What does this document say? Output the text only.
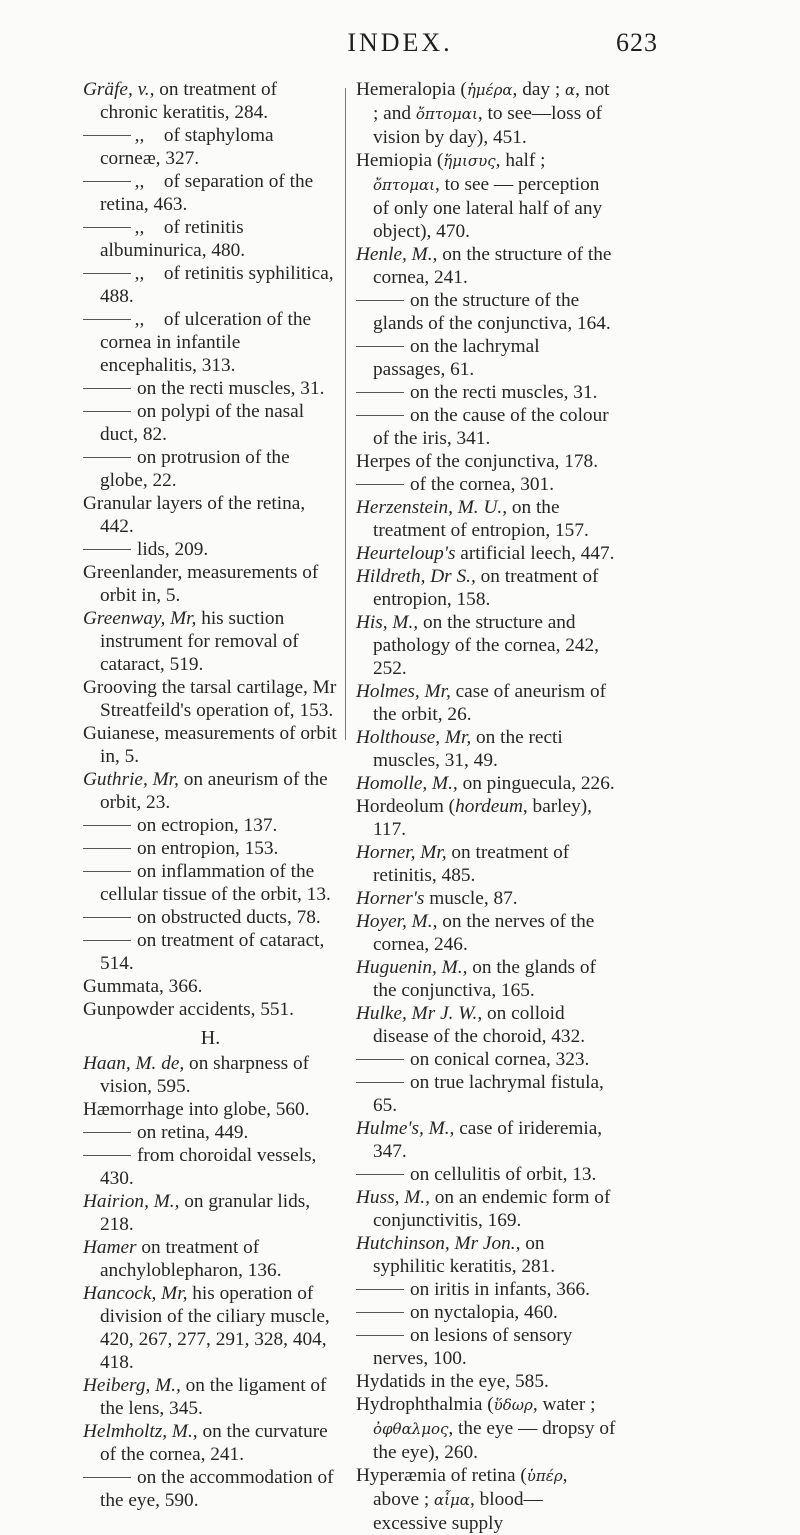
INDEX.	623

Gräfe, v., on treatment of chronic keratitis, 284.

,, of staphyloma corneæ, 327.

,, of separation of the retina, 463.

,, of retinitis albuminurica, 480.

,, of retinitis syphilitica, 488.

,, of ulceration of the cornea in infantile encephalitis, 313.

on the recti muscles, 31.

on polypi of the nasal duct, 82.

on protrusion of the globe, 22.

Granular layers of the retina, 442.

lids, 209.

Greenlander, measurements of orbit in, 5.

Greenway, Mr, his suction instrument for removal of cataract, 519.

Grooving the tarsal cartilage, Mr Streatfeild's operation of, 153.

Guianese, measurements of orbit in, 5.

Guthrie, Mr, on aneurism of the orbit, 23.

on ectropion, 137.

on entropion, 153.

on inflammation of the cellular tissue of the orbit, 13.

on obstructed ducts, 78.

on treatment of cataract, 514.

Gummata, 366.

Gunpowder accidents, 551.

H.

Haan, M. de, on sharpness of vision, 595.

Hæmorrhage into globe, 560.

on retina, 449.

from choroidal vessels, 430.

Hairion, M., on granular lids, 218.

Hamer on treatment of anchyloblepharon, 136.

Hancock, Mr, his operation of division of the ciliary muscle, 420, 267, 277, 291, 328, 404, 418.

Heiberg, M., on the ligament of the lens, 345.

Helmholtz, M., on the curvature of the cornea, 241.

on the accommodation of the eye, 590.

Hemeralopia (ἡμέρα, day ; α, not ; and ὄπτομαι, to see—loss of vision by day), 451.

Hemiopia (ἥμισυς, half ; ὄπτομαι, to see — perception of only one lateral half of any object), 470.

Henle, M., on the structure of the cornea, 241.

on the structure of the glands of the conjunctiva, 164.

on the lachrymal passages, 61.

on the recti muscles, 31.

on the cause of the colour of the iris, 341.

Herpes of the conjunctiva, 178.

of the cornea, 301.

Herzenstein, M. U., on the treatment of entropion, 157.

Heurteloup's artificial leech, 447.

Hildreth, Dr S., on treatment of entropion, 158.

His, M., on the structure and pathology of the cornea, 242, 252.

Holmes, Mr, case of aneurism of the orbit, 26.

Holthouse, Mr, on the recti muscles, 31, 49.

Homolle, M., on pinguecula, 226.

Hordeolum (hordeum, barley), 117.

Horner, Mr, on treatment of retinitis, 485.

Horner's muscle, 87.

Hoyer, M., on the nerves of the cornea, 246.

Huguenin, M., on the glands of the conjunctiva, 165.

Hulke, Mr J. W., on colloid disease of the choroid, 432.

on conical cornea, 323.

on true lachrymal fistula, 65.

Hulme's, M., case of irideremia, 347.

on cellulitis of orbit, 13.

Huss, M., on an endemic form of conjunctivitis, 169.

Hutchinson, Mr Jon., on syphilitic keratitis, 281.

on iritis in infants, 366.

on nyctalopia, 460.

on lesions of sensory nerves, 100.

Hydatids in the eye, 585.

Hydrophthalmia (ὕδωρ, water ; ὀφθαλμος, the eye — dropsy of the eye), 260.

Hyperæmia of retina (ὑπέρ, above ; αἷμα, blood— excessive supply
